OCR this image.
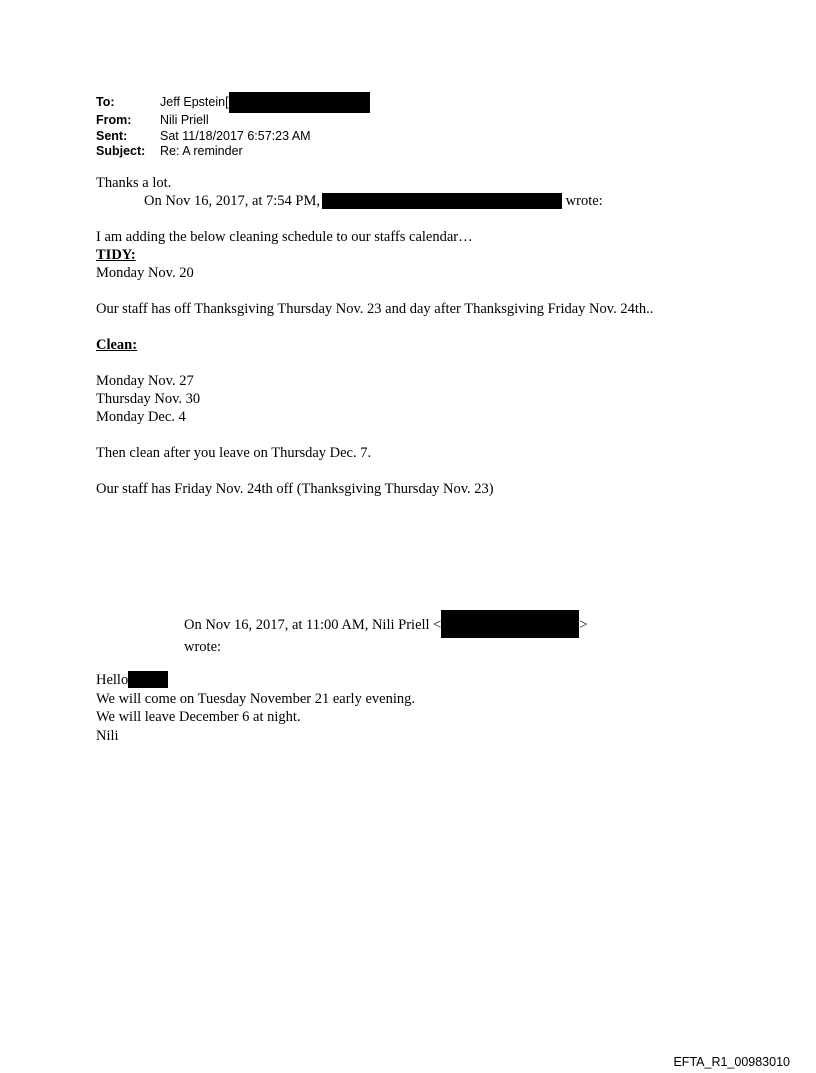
To:	Jeff Epstein[
From:	Nili Priell
Sent:	Sat 11/18/2017 6:57:23 AM
Subject:	Re: A reminder

Thanks a lot.

On Nov 16, 2017, at 7:54 PM,	wrote:

I am adding the below cleaning schedule to our staffs calendar…

TIDY:

Monday Nov. 20

Our staff has off Thanksgiving Thursday Nov. 23 and day after Thanksgiving Friday Nov. 24th..

Clean:

Monday Nov. 27

Thursday Nov. 30

Monday Dec. 4

Then clean after you leave on Thursday Dec. 7.

Our staff has Friday Nov. 24th off (Thanksgiving Thursday Nov. 23)

On Nov 16, 2017, at 11:00 AM, Nili Priell <	>
wrote:

Hello

We will come on Tuesday November 21 early evening.

We will leave December 6 at night.

Nili

EFTA_R1_00983010
